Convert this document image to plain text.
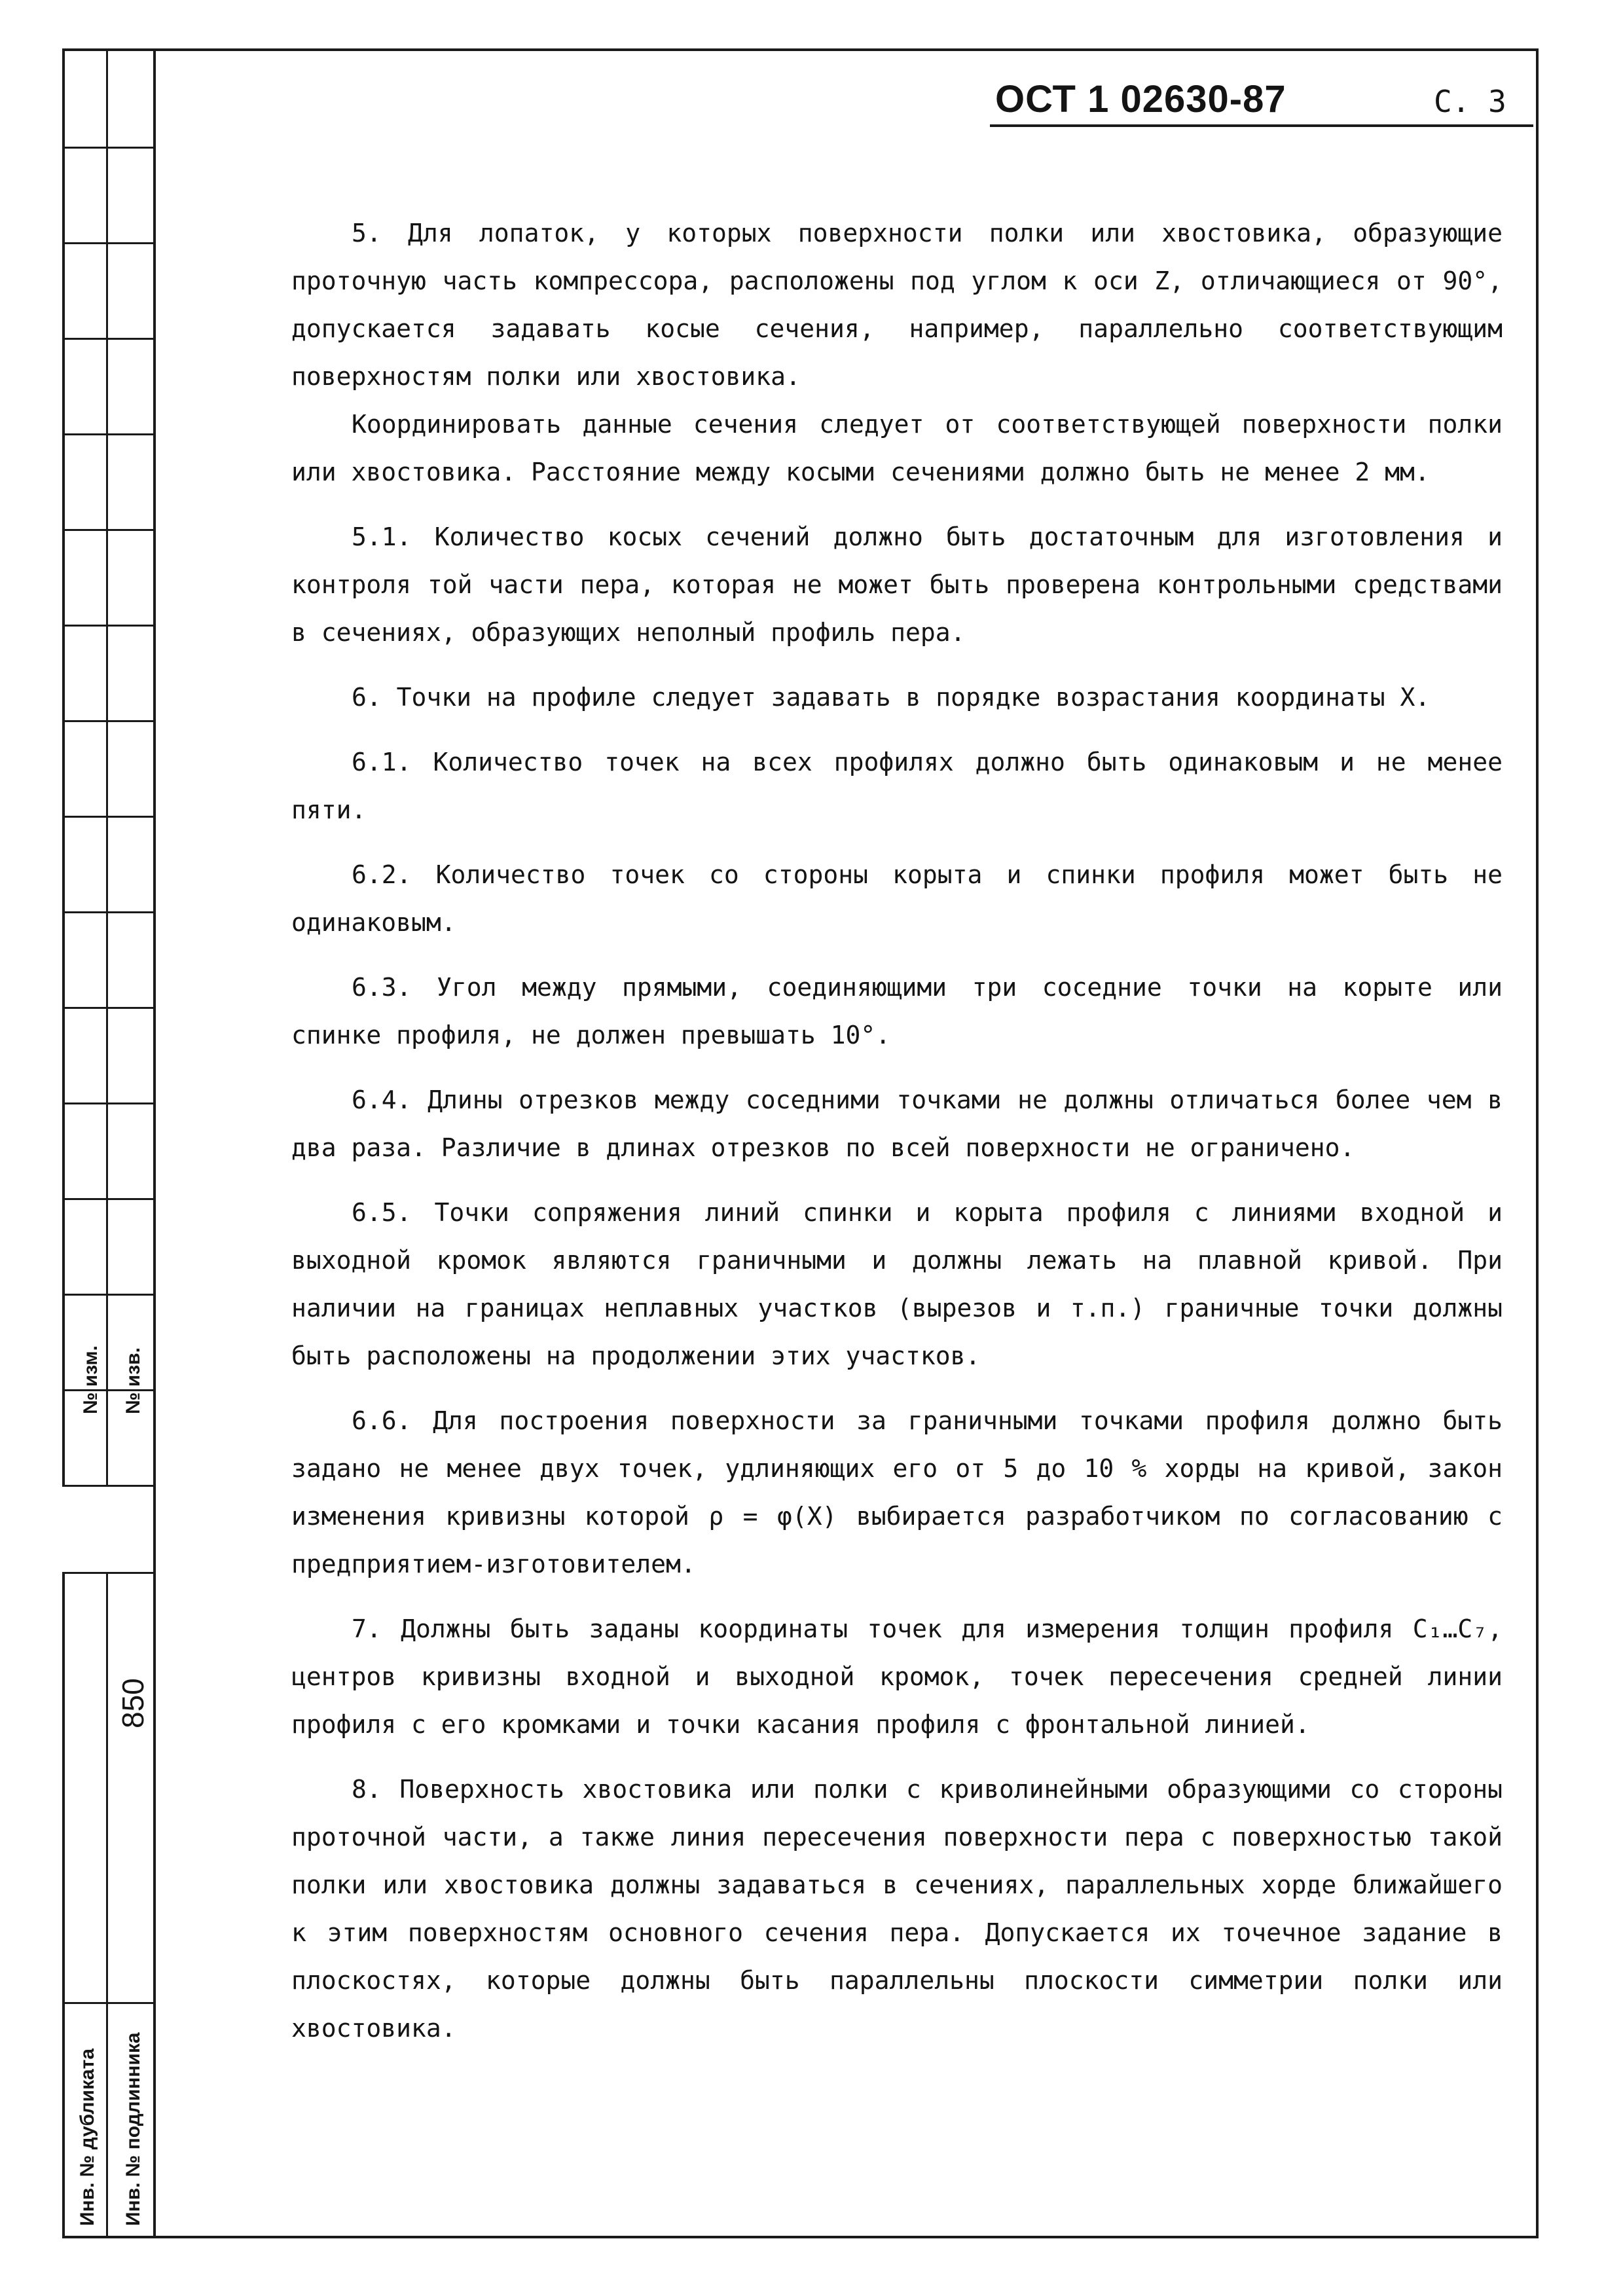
№ изм. № изв.
850
Инв. № дубликата Инв. № подлинника
ОСТ 1 02630-87	С. 3

5. Для лопаток, у которых поверхности полки или хвостовика, образующие проточную часть компрессора, расположены под углом к оси Z, отличающиеся от 90°, допускается задавать косые сечения, например, параллельно соответствующим поверхностям полки или хвостовика.

Координировать данные сечения следует от соответствующей поверхности полки или хвостовика. Расстояние между косыми сечениями должно быть не менее 2 мм.

5.1. Количество косых сечений должно быть достаточным для изготовления и контроля той части пера, которая не может быть проверена контрольными средствами в сечениях, образующих неполный профиль пера.

6. Точки на профиле следует задавать в порядке возрастания координаты X.

6.1. Количество точек на всех профилях должно быть одинаковым и не менее пяти.

6.2. Количество точек со стороны корыта и спинки профиля может быть не одинаковым.

6.3. Угол между прямыми, соединяющими три соседние точки на корыте или спинке профиля, не должен превышать 10°.

6.4. Длины отрезков между соседними точками не должны отличаться более чем в два раза. Различие в длинах отрезков по всей поверхности не ограничено.

6.5. Точки сопряжения линий спинки и корыта профиля с линиями входной и выходной кромок являются граничными и должны лежать на плавной кривой. При наличии на границах неплавных участков (вырезов и т.п.) граничные точки должны быть расположены на продолжении этих участков.

6.6. Для построения поверхности за граничными точками профиля должно быть задано не менее двух точек, удлиняющих его от 5 до 10 % хорды на кривой, закон изменения кривизны которой ρ = φ(X) выбирается разработчиком по согласованию с предприятием-изготовителем.

7. Должны быть заданы координаты точек для измерения толщин профиля C₁…C₇, центров кривизны входной и выходной кромок, точек пересечения средней линии профиля с его кромками и точки касания профиля с фронтальной линией.

8. Поверхность хвостовика или полки с криволинейными образующими со стороны проточной части, а также линия пересечения поверхности пера с поверхностью такой полки или хвостовика должны задаваться в сечениях, параллельных хорде ближайшего к этим поверхностям основного сечения пера. Допускается их точечное задание в плоскостях, которые должны быть параллельны плоскости симметрии полки или хвостовика.
